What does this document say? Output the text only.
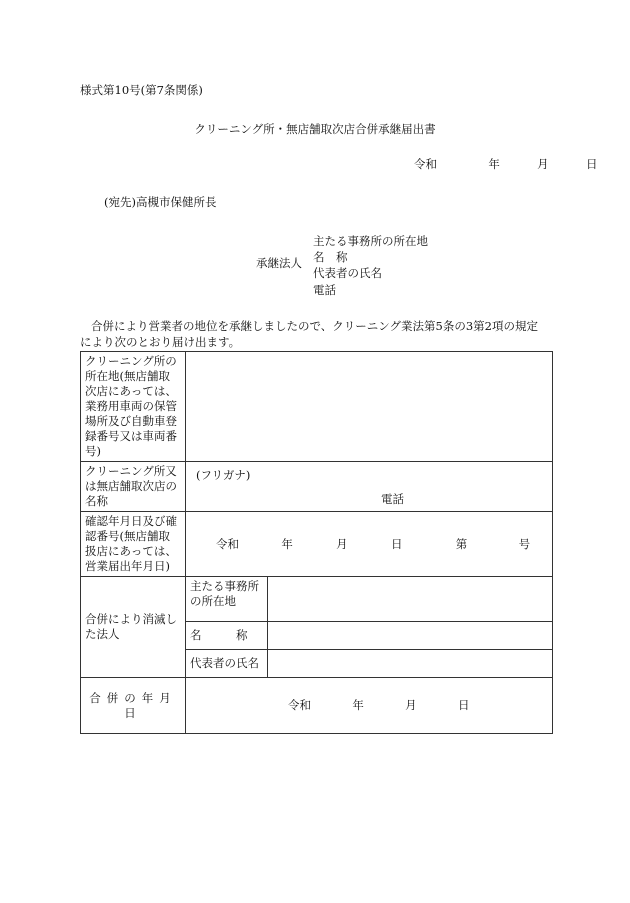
様式第10号(第7条関係)
クリーニング所・無店舗取次店合併承継届出書
令和	年	月	日
(宛先)高槻市保健所長
承継法人
主たる事務所の所在地
名　称
代表者の氏名
電話
合併により営業者の地位を承継しましたので、クリーニング業法第5条の3第2項の規定
により次のとおり届け出ます。
クリーニング所の所在地(無店舗取次店にあっては、業務用車両の保管場所及び自動車登録番号又は車両番号)		
クリーニング所又は無店舗取次店の名称	(フリガナ)
電話	

確認年月日及び確認番号(無店舗取扱店にあっては、営業届出年月日)	令和 年 月 日 第 号	

合併により消滅した法人	主たる事務所の所在地	
	名　　　称	
	代表者の氏名	
合併の年月日	令和 年 月 日	
